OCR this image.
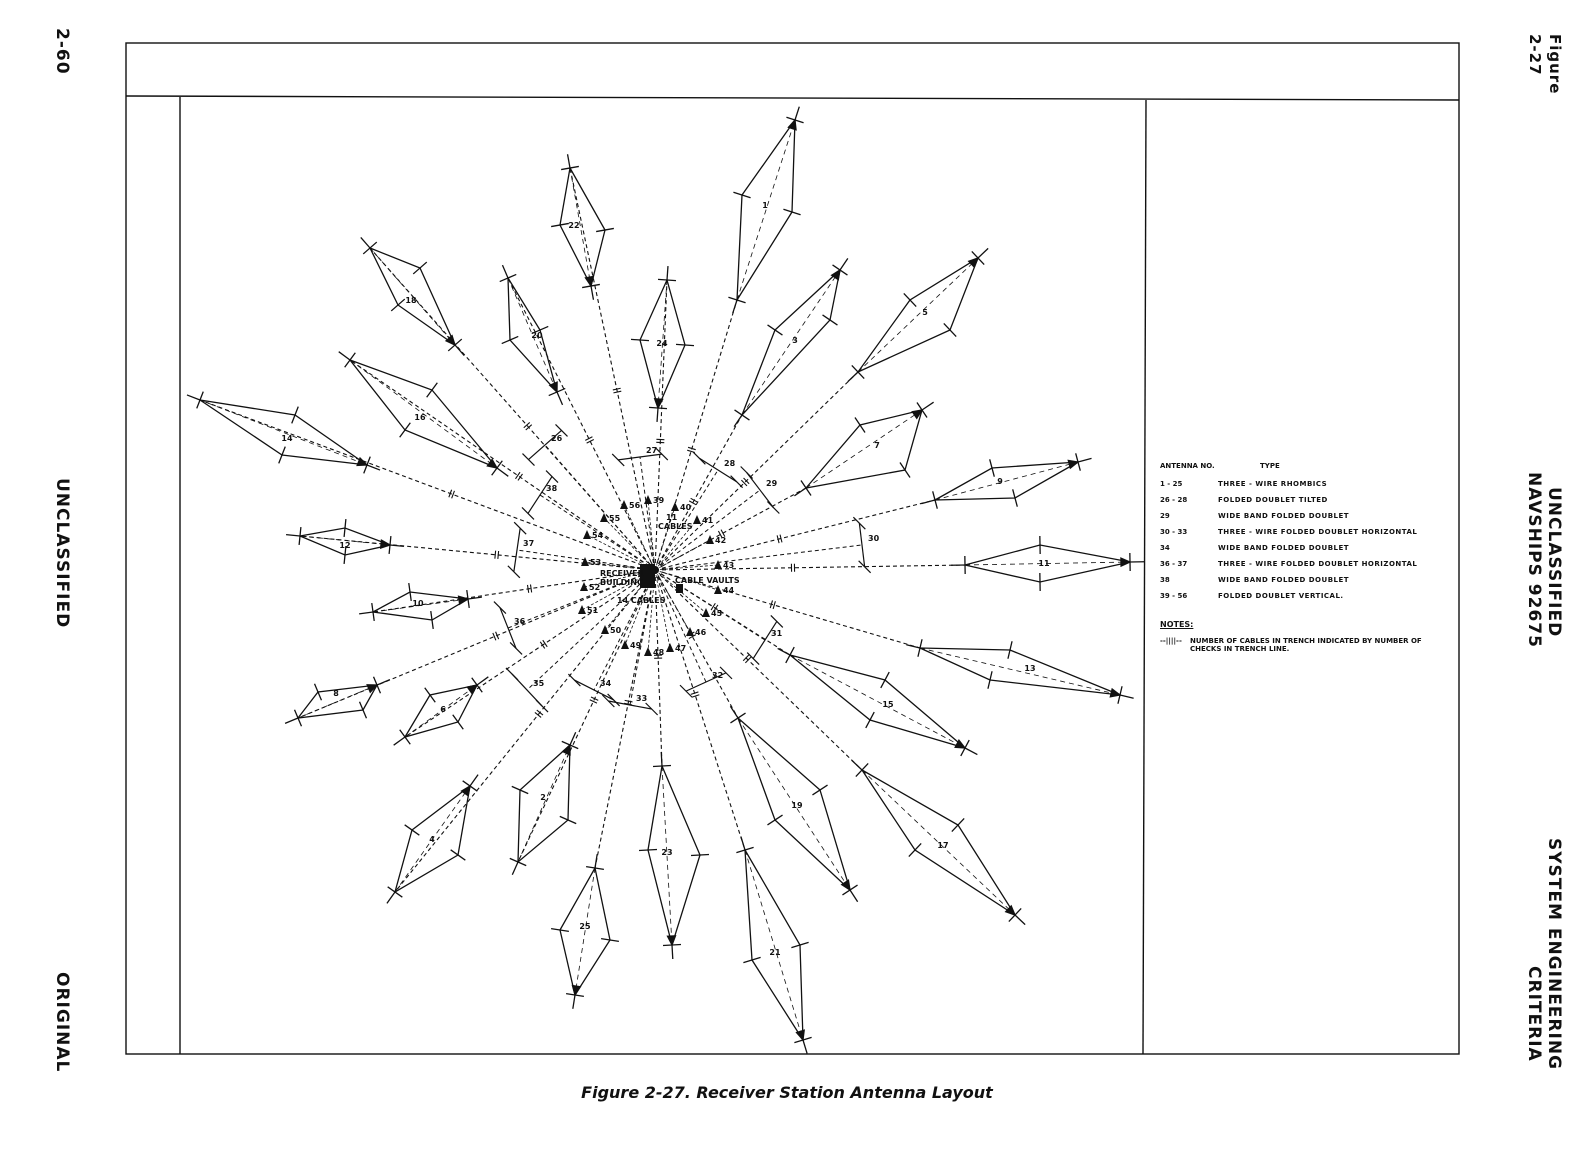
2-60
UNCLASSIFIED
ORIGINAL
Figure
2-27
UNCLASSIFIED
NAVSHIPS 92675
SYSTEM ENGINEERING
CRITERIA
1
2
3
4
5
6
7
8
9
10
11
12
13
14
15
16
17
18
19
20
21
22
23
24
25
26
27
28
29
30
31
32
33
34
35
36
37
38
39
40
41
42
43
44
45
46
47
48
49
50
51
52
53
54
55
56
RECEIVER
BUILDING	CABLE VAULTS
14 CABLES
11
CABLES
ANTENNA NO.	TYPE
1 - 25	THREE - WIRE RHOMBICS
26 - 28	FOLDED DOUBLET TILTED
29	WIDE BAND FOLDED DOUBLET
30 - 33	THREE - WIRE FOLDED DOUBLET HORIZONTAL
34	WIDE BAND FOLDED DOUBLET
36 - 37	THREE - WIRE FOLDED DOUBLET HORIZONTAL
38	WIDE BAND FOLDED DOUBLET
39 - 56	FOLDED DOUBLET VERTICAL.
NOTES:
--||||--	NUMBER OF CABLES IN TRENCH INDICATED BY NUMBER OF CHECKS IN TRENCH LINE.
Figure 2-27. Receiver Station Antenna Layout
